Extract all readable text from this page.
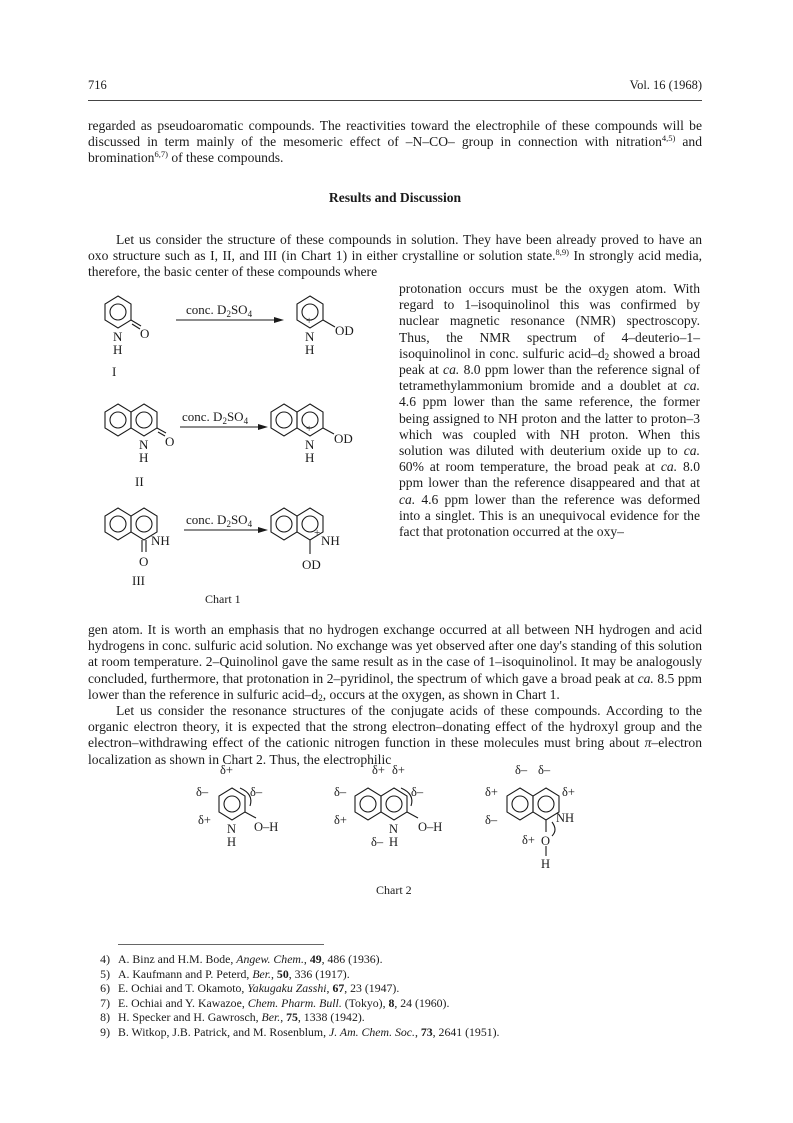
716	Vol. 16 (1968)

regarded as pseudoaromatic compounds. The reactivities toward the electrophile of these compounds will be discussed in term mainly of the mesomeric effect of –N–CO– group in connection with nitration$^{4,5)}$ and bromination$^{6,7)}$ of these compounds.

Results and Discussion

Let us consider the structure of these compounds in solution. They have been already proved to have an oxo structure such as I, II, and III (in Chart 1) in either crystalline or solution state.$^{8,9)}$ In strongly acid media, therefore, the basic center of these compounds where

conc. $D_2SO_4$
conc. $D_2SO_4$
conc. $D_2SO_4$
N
H
O
I
+
N
H
OD
N
H
O
II
+
N
H
OD
NH
O
III
+ NH
OD
Chart 1

protonation occurs must be the oxygen atom. With regard to 1–isoquinolinol this was confirmed by nuclear magnetic resonance (NMR) spectroscopy. Thus, the NMR spectrum of 4–deuterio–1–isoquinolinol in conc. sulfuric acid–$d_2$ showed a broad peak at ca. 8.0 ppm lower than the reference signal of tetramethylammonium bromide and a doublet at ca. 4.6 ppm lower than the same reference, the former being assigned to NH proton and the latter to proton–3 which was coupled with NH proton. When this solution was diluted with deuterium oxide up to ca. 60% at room temperature, the broad peak at ca. 8.0 ppm lower than the reference disappeared and that at ca. 4.6 ppm lower than the reference was deformed into a singlet. This is an unequivocal evidence for the fact that protonation occurred at the oxy–

gen atom. It is worth an emphasis that no hydrogen exchange occurred at all between NH hydrogen and acid hydrogens in conc. sulfuric acid solution. No exchange was yet observed after one day's standing of this solution at room temperature. 2–Quinolinol gave the same result as in the case of 1–isoquinolinol. It may be analogously concluded, furthermore, that protonation in 2–pyridinol, the spectrum of which gave a broad peak at ca. 8.5 ppm lower than the reference in sulfuric acid–$d_2$, occurs at the oxygen, as shown in Chart 1.

Let us consider the resonance structures of the conjugate acids of these compounds. According to the organic electron theory, it is expected that the strong electron–donating effect of the hydroxyl group and the electron–withdrawing effect of the cationic nitrogen function in these molecules must bring about π–electron localization as shown in Chart 2. Thus, the electrophilic

δ+
δ–	δ–
δ+
N
H
O–H
δ+ δ+
δ–	δ–
δ+
N
δ– H
O–H
δ– δ–
δ+	δ+
δ–	NH
δ+ O
H
Chart 2
4) A. Binz and H.M. Bode, Angew. Chem., 49, 486 (1936).
5) A. Kaufmann and P. Peterd, Ber., 50, 336 (1917).
6) E. Ochiai and T. Okamoto, Yakugaku Zasshi, 67, 23 (1947).
7) E. Ochiai and Y. Kawazoe, Chem. Pharm. Bull. (Tokyo), 8, 24 (1960).
8) H. Specker and H. Gawrosch, Ber., 75, 1338 (1942).
9) B. Witkop, J.B. Patrick, and M. Rosenblum, J. Am. Chem. Soc., 73, 2641 (1951).
